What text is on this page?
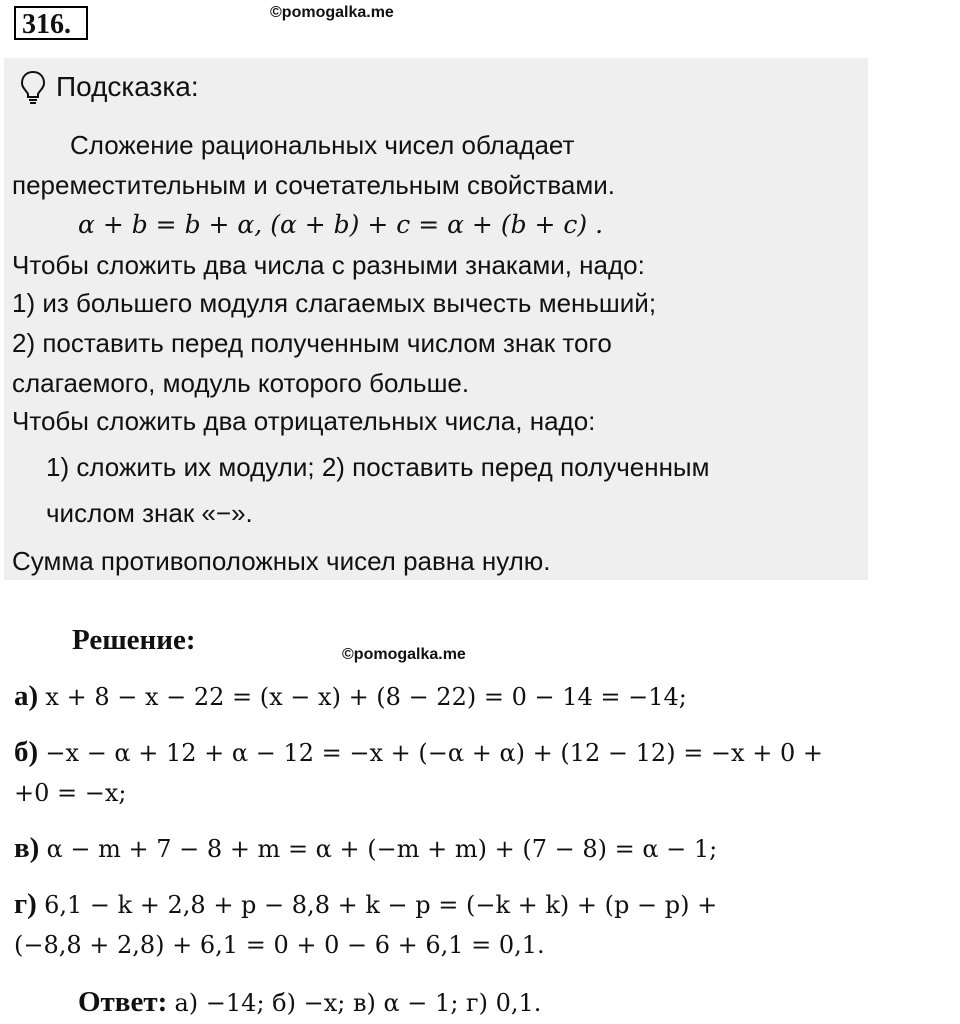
316.	©pomogalka.me
Подсказка:
Сложение рациональных чисел обладает
переместительным и сочетательным свойствами.
α + b = b + α, (α + b) + c = α + (b + c) .
Чтобы сложить два числа с разными знаками, надо:
1) из большего модуля слагаемых вычесть меньший;
2) поставить перед полученным числом знак того
слагаемого, модуль которого больше.
Чтобы сложить два отрицательных числа, надо:
1) сложить их модули; 2) поставить перед полученным
числом знак «−».
Сумма противоположных чисел равна нулю.
Решение:	©pomogalka.me
а) x + 8 − x − 22 = (x − x) + (8 − 22) = 0 − 14 = −14;
б) −x − α + 12 + α − 12 = −x + (−α + α) + (12 − 12) = −x + 0 +
+0 = −x;
в) α − m + 7 − 8 + m = α + (−m + m) + (7 − 8) = α − 1;
г) 6,1 − k + 2,8 + p − 8,8 + k − p = (−k + k) + (p − p) +
(−8,8 + 2,8) + 6,1 = 0 + 0 − 6 + 6,1 = 0,1.
Ответ: а) −14; б) −x; в) α − 1; г) 0,1.
